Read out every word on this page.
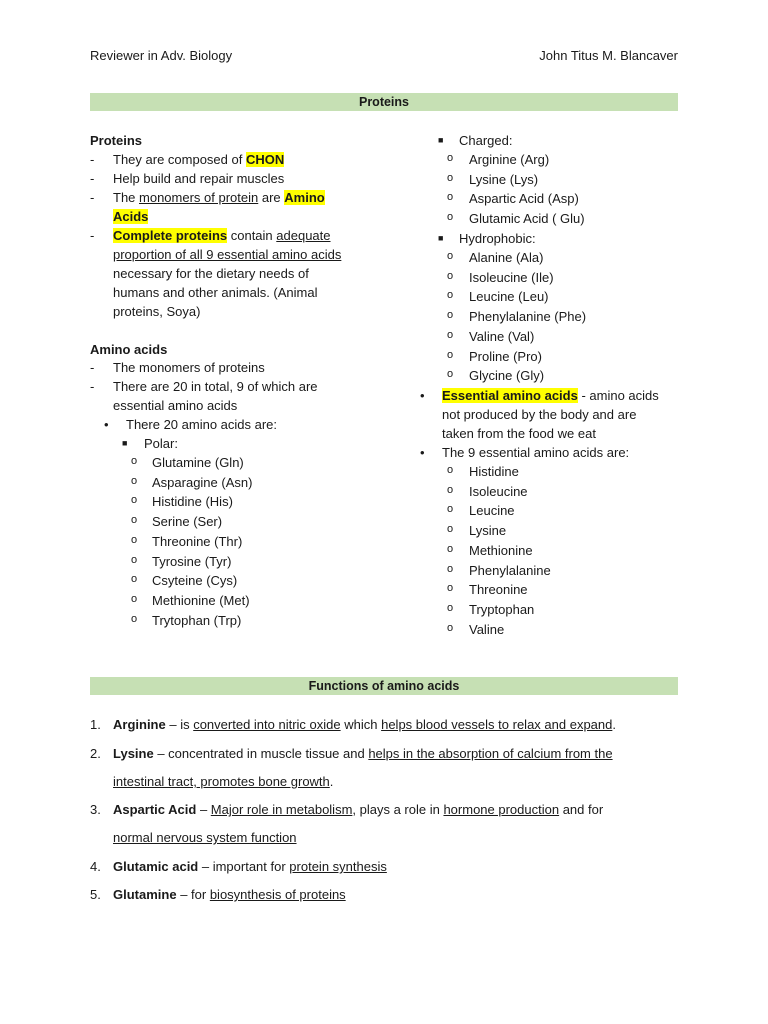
Reviewer in Adv. Biology	John Titus M. Blancaver
Proteins
Proteins
- They are composed of CHON
- Help build and repair muscles
- The monomers of protein are Amino
Acids
- Complete proteins contain adequate
proportion of all 9 essential amino acids
necessary for the dietary needs of
humans and other animals. (Animal
proteins, Soya)
Amino acids
- The monomers of proteins
- There are 20 in total, 9 of which are
essential amino acids
• There 20 amino acids are:
■ Polar:
o Glutamine (Gln)
o Asparagine (Asn)
o Histidine (His)
o Serine (Ser)
o Threonine (Thr)
o Tyrosine (Tyr)
o Csyteine (Cys)
o Methionine (Met)
o Trytophan (Trp)
■ Charged:
o Arginine (Arg)
o Lysine (Lys)
o Aspartic Acid (Asp)
o Glutamic Acid ( Glu)
■ Hydrophobic:
o Alanine (Ala)
o Isoleucine (Ile)
o Leucine (Leu)
o Phenylalanine (Phe)
o Valine (Val)
o Proline (Pro)
o Glycine (Gly)
• Essential amino acids - amino acids
not produced by the body and are
taken from the food we eat
• The 9 essential amino acids are:
o Histidine
o Isoleucine
o Leucine
o Lysine
o Methionine
o Phenylalanine
o Threonine
o Tryptophan
o Valine
Functions of amino acids
1. Arginine – is converted into nitric oxide which helps blood vessels to relax and expand.
2. Lysine – concentrated in muscle tissue and helps in the absorption of calcium from the
intestinal tract, promotes bone growth.
3. Aspartic Acid – Major role in metabolism, plays a role in hormone production and for
normal nervous system function
4. Glutamic acid – important for protein synthesis
5. Glutamine – for biosynthesis of proteins
